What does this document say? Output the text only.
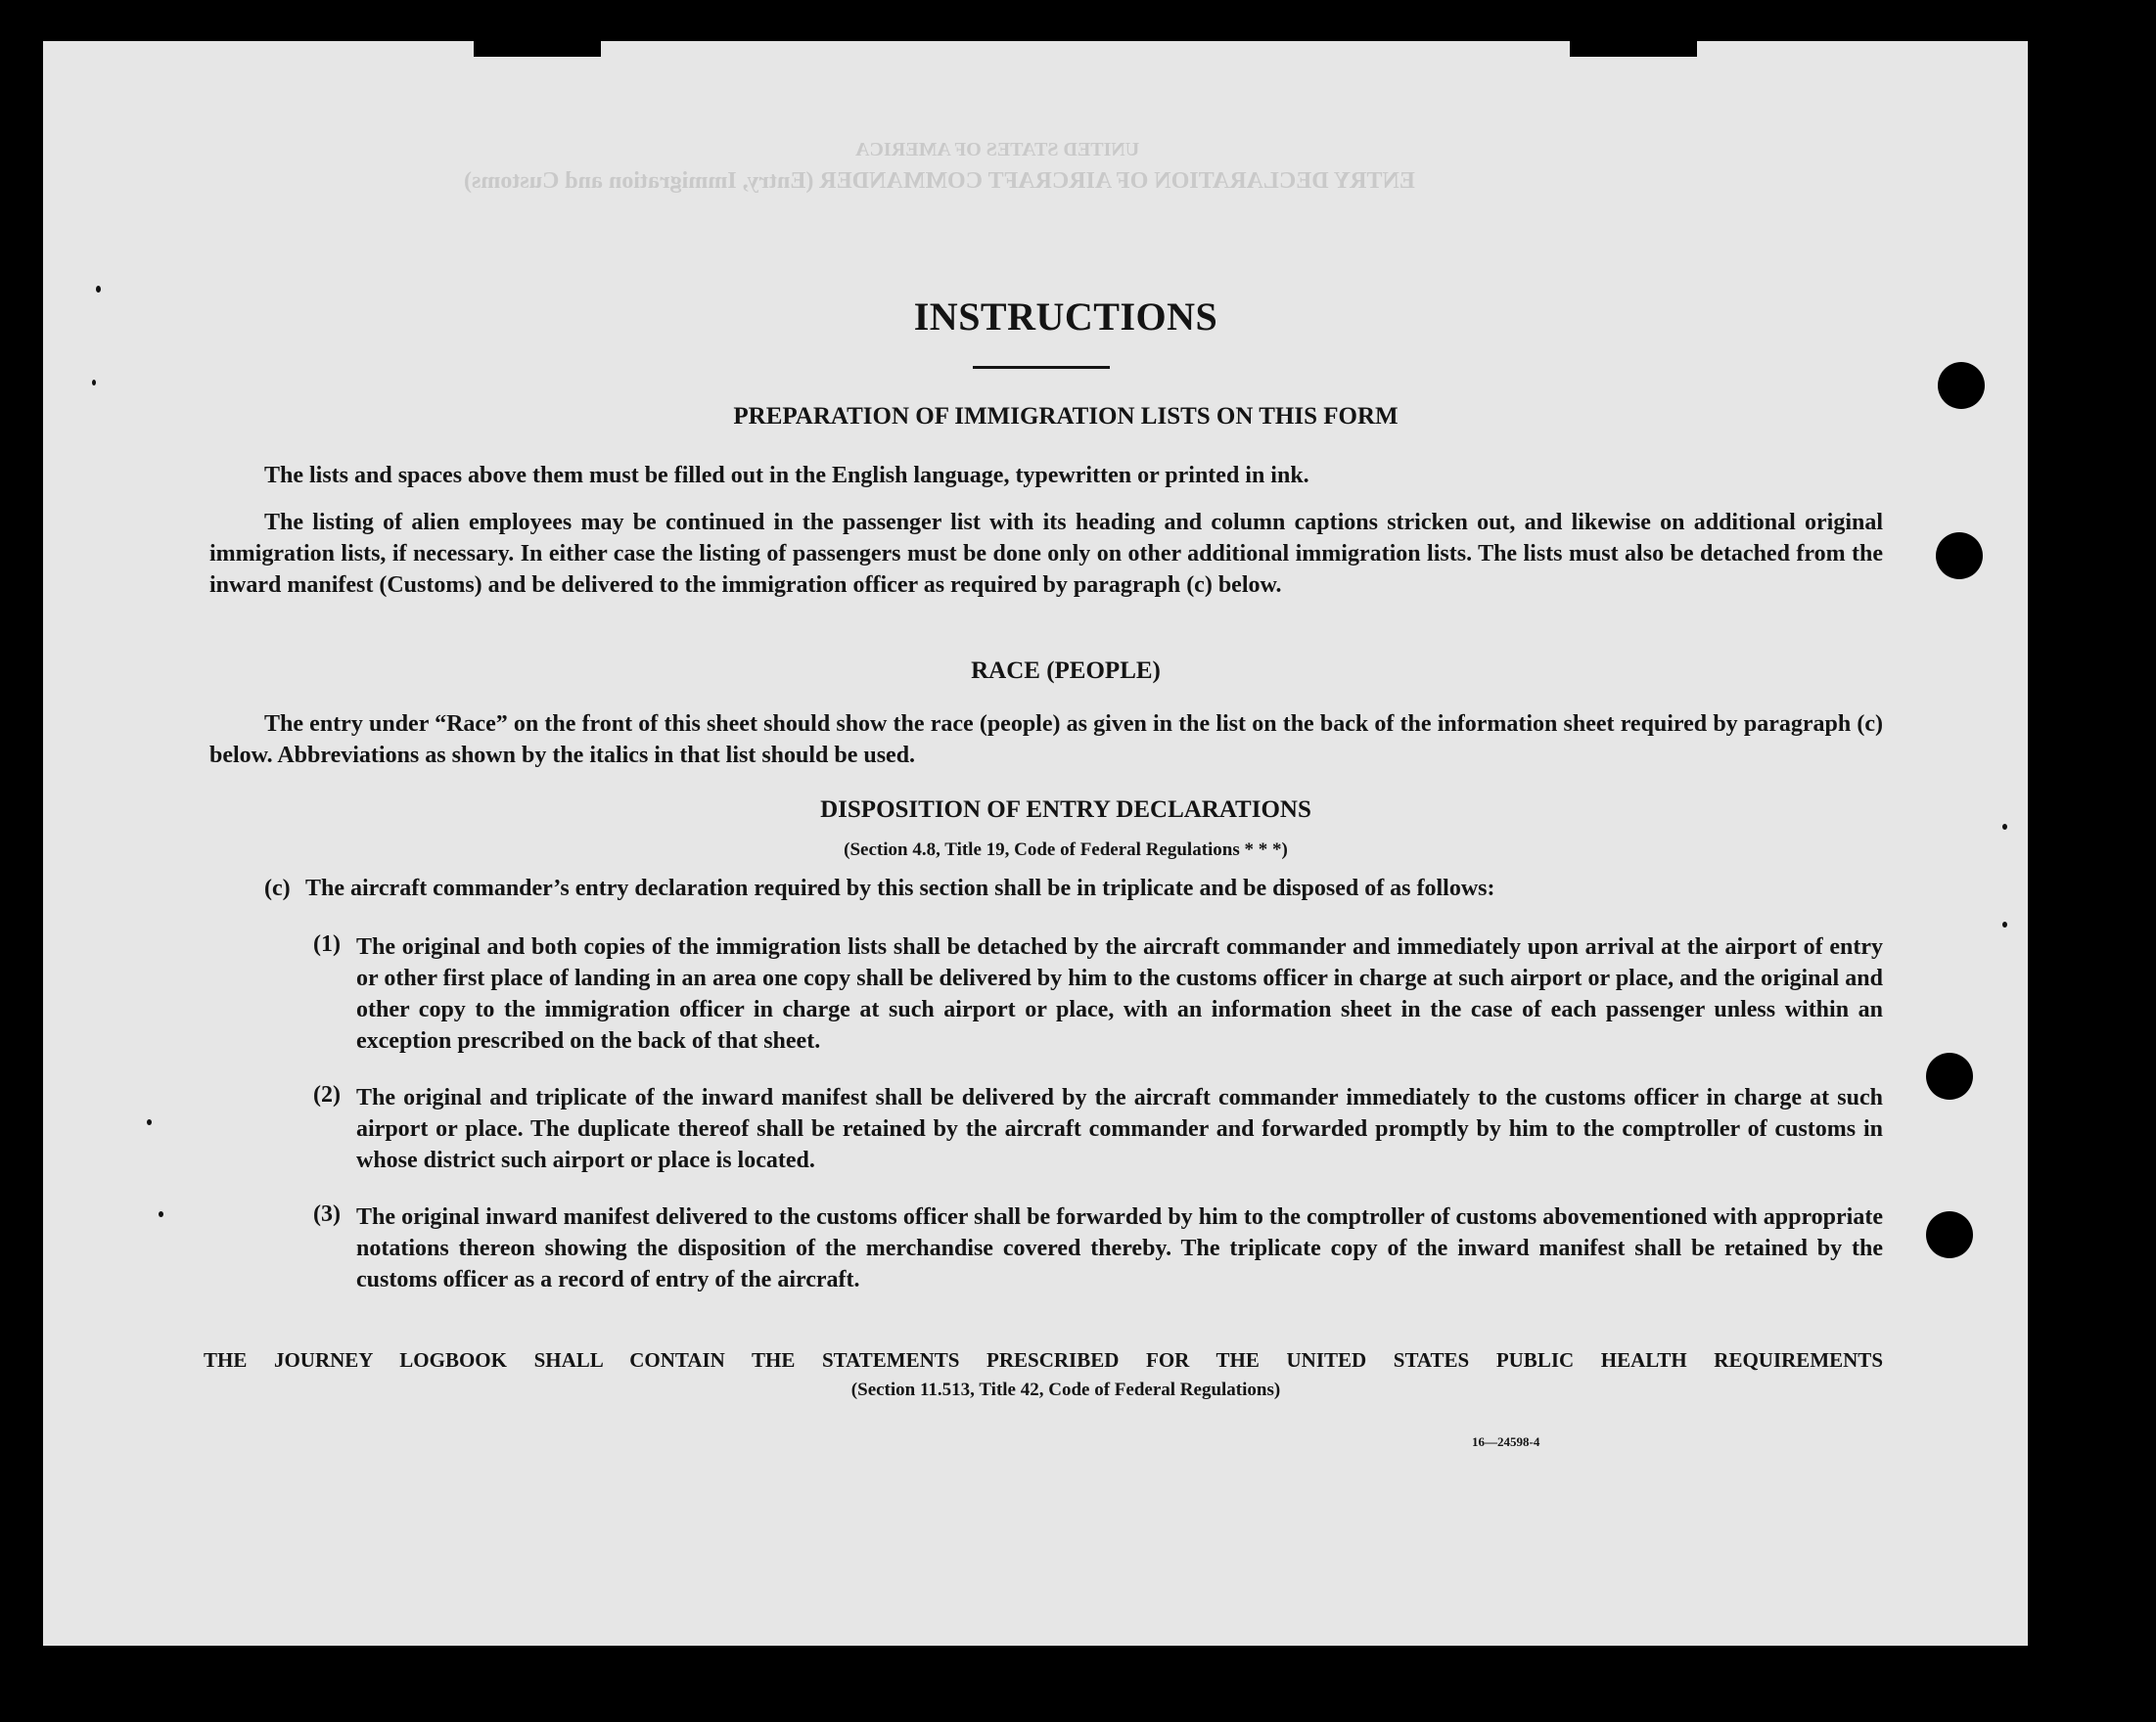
UNITED STATES OF AMERICA
ENTRY DECLARATION OF AIRCRAFT COMMANDER (Entry, Immigration and Customs)
INSTRUCTIONS
PREPARATION OF IMMIGRATION LISTS ON THIS FORM
The lists and spaces above them must be filled out in the English language, typewritten or printed in ink.
The listing of alien employees may be continued in the passenger list with its heading and column captions stricken out, and likewise on additional original immigration lists, if necessary. In either case the listing of passengers must be done only on other additional immigration lists. The lists must also be detached from the inward manifest (Customs) and be delivered to the immigration officer as required by paragraph (c) below.
RACE (PEOPLE)
The entry under “Race” on the front of this sheet should show the race (people) as given in the list on the back of the information sheet required by paragraph (c) below. Abbreviations as shown by the italics in that list should be used.
DISPOSITION OF ENTRY DECLARATIONS
(Section 4.8, Title 19, Code of Federal Regulations * * *)
(c) The aircraft commander’s entry declaration required by this section shall be in triplicate and be disposed of as follows:
(1) The original and both copies of the immigration lists shall be detached by the aircraft commander and immediately upon arrival at the airport of entry or other first place of landing in an area one copy shall be delivered by him to the customs officer in charge at such airport or place, and the original and other copy to the immigration officer in charge at such airport or place, with an information sheet in the case of each passenger unless within an exception prescribed on the back of that sheet.
(2) The original and triplicate of the inward manifest shall be delivered by the aircraft commander immediately to the customs officer in charge at such airport or place. The duplicate thereof shall be retained by the aircraft commander and forwarded promptly by him to the comptroller of customs in whose district such airport or place is located.
(3) The original inward manifest delivered to the customs officer shall be forwarded by him to the comptroller of customs abovementioned with appropriate notations thereon showing the disposition of the merchandise covered thereby. The triplicate copy of the inward manifest shall be retained by the customs officer as a record of entry of the aircraft.
THE JOURNEY LOGBOOK SHALL CONTAIN THE STATEMENTS PRESCRIBED FOR THE UNITED STATES PUBLIC HEALTH REQUIREMENTS
(Section 11.513, Title 42, Code of Federal Regulations)
16—24598-4
